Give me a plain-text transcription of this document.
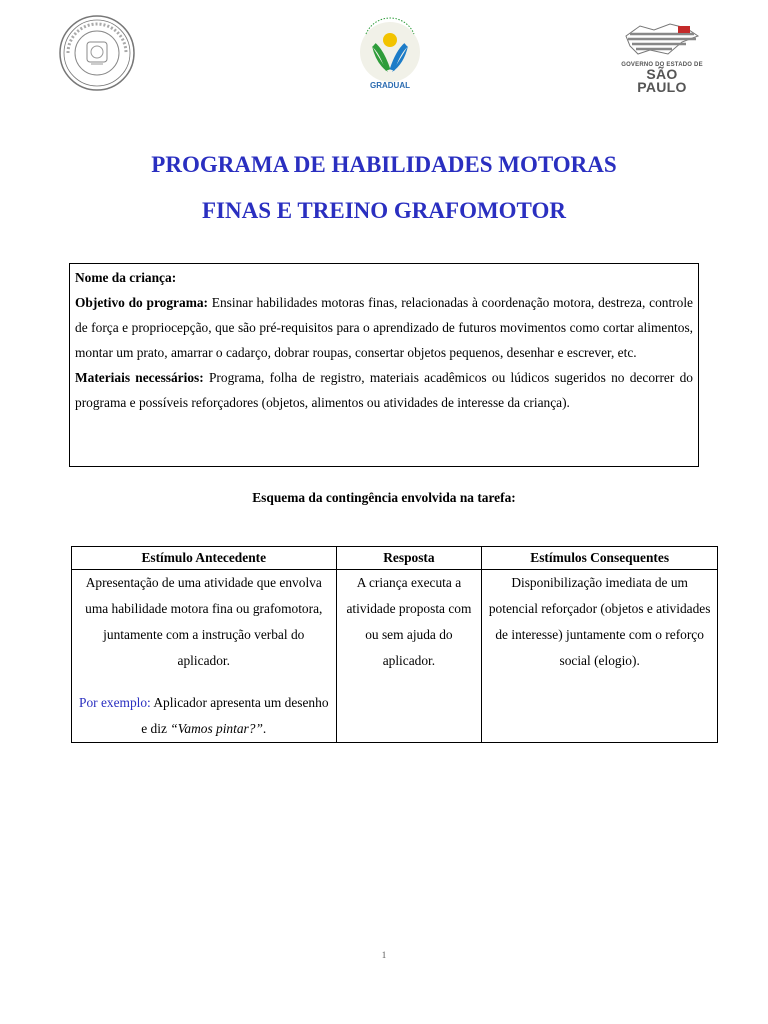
GRADUAL
GOVERNO DO ESTADO DE
SÃO PAULO
PROGRAMA DE HABILIDADES MOTORAS
FINAS E TREINO GRAFOMOTOR

Nome da criança:

Objetivo do programa: Ensinar habilidades motoras finas, relacionadas à coordenação motora, destreza, controle de força e propriocepção, que são pré-requisitos para o aprendizado de futuros movimentos como cortar alimentos, montar um prato, amarrar o cadarço, dobrar roupas, consertar objetos pequenos, desenhar e escrever, etc.

Materiais necessários: Programa, folha de registro, materiais acadêmicos ou lúdicos sugeridos no decorrer do programa e possíveis reforçadores (objetos, alimentos ou atividades de interesse da criança).

Esquema da contingência envolvida na tarefa:
Estímulo Antecedente	Resposta	Estímulos Consequentes

Apresentação de uma atividade que envolva uma habilidade motora fina ou grafomotora, juntamente com a instrução verbal do aplicador.
Por exemplo: Aplicador apresenta um desenho e diz “Vamos pintar?”.	A criança executa a atividade proposta com ou sem ajuda do aplicador.	Disponibilização imediata de um potencial reforçador (objetos e atividades de interesse) juntamente com o reforço social (elogio).
1
